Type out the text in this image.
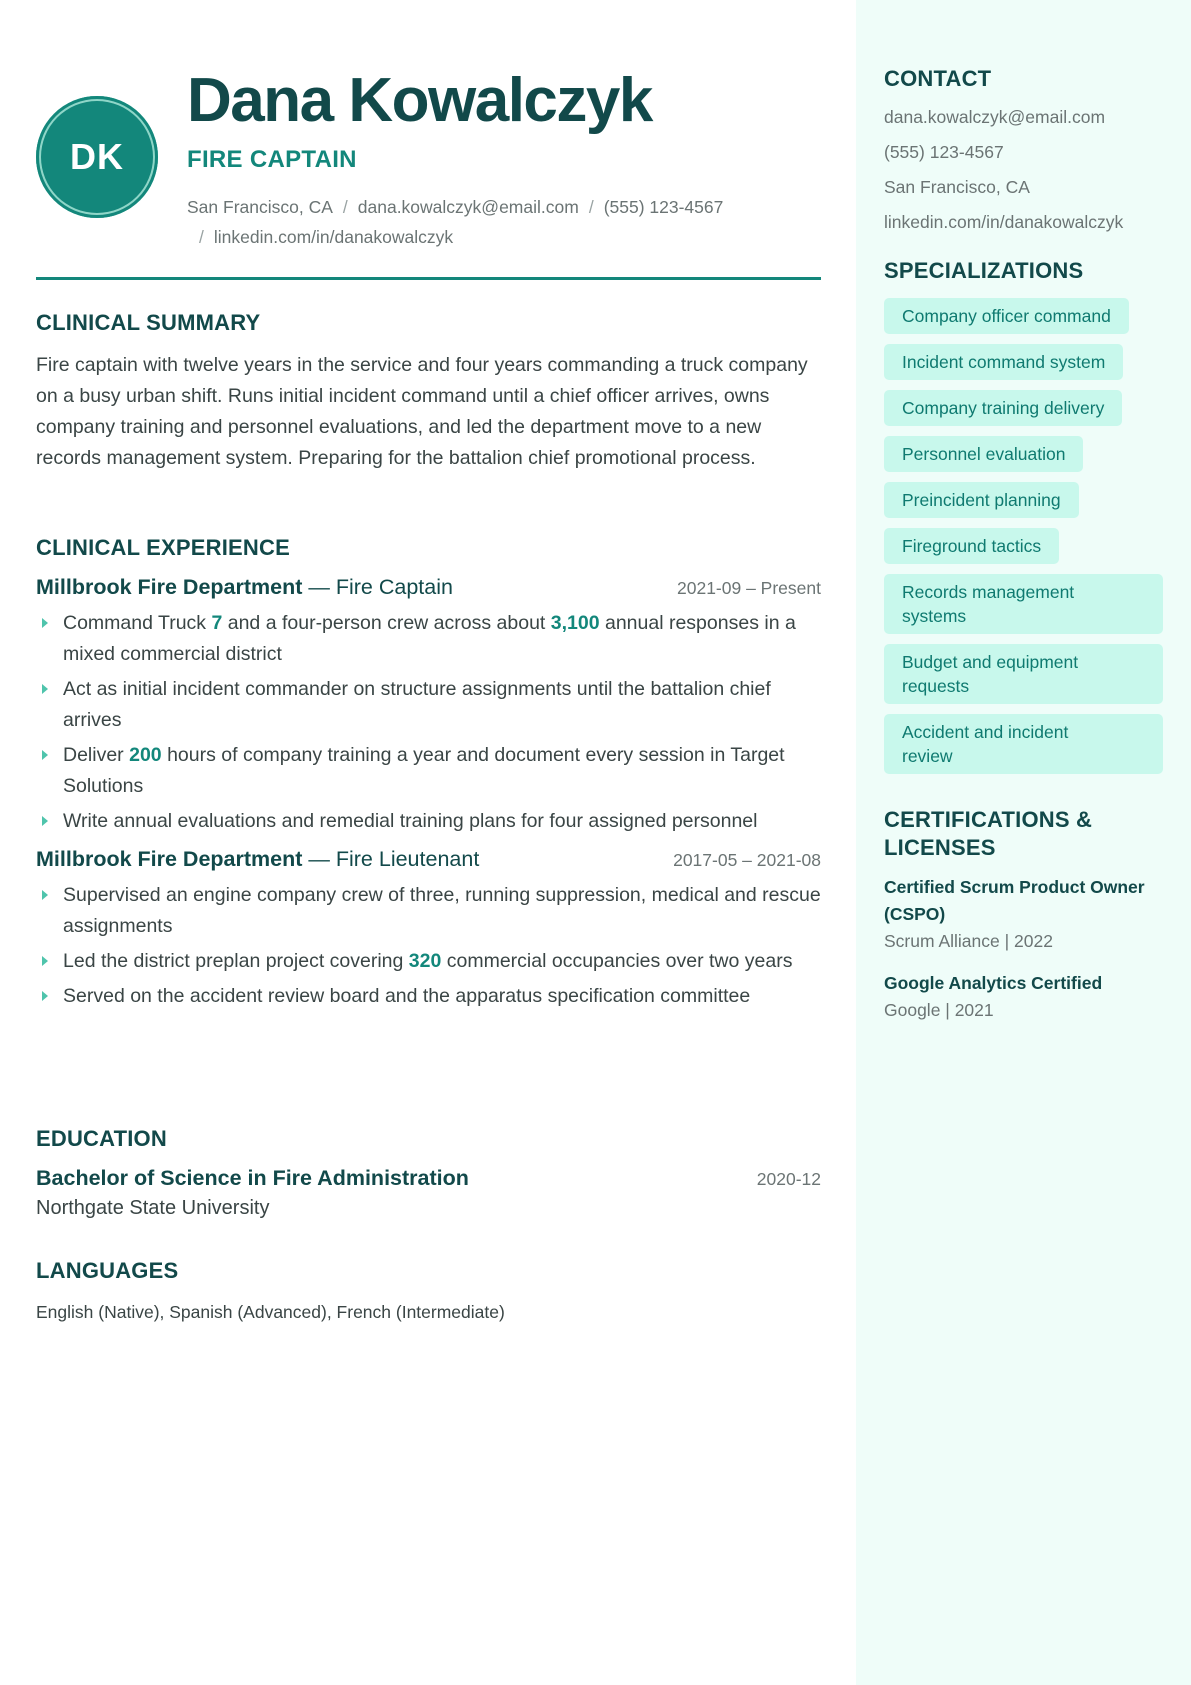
DK
Dana Kowalczyk
FIRE CAPTAIN
San Francisco, CA / dana.kowalczyk@email.com / (555) 123-4567
/ linkedin.com/in/danakowalczyk
CLINICAL SUMMARY
Fire captain with twelve years in the service and four years commanding a truck company on a busy urban shift. Runs initial incident command until a chief officer arrives, owns company training and personnel evaluations, and led the department move to a new records management system. Preparing for the battalion chief promotional process.
CLINICAL EXPERIENCE
Millbrook Fire Department — Fire Captain	2021-09 – Present
Command Truck 7 and a four-person crew across about 3,100 annual responses in a mixed commercial district
Act as initial incident commander on structure assignments until the battalion chief arrives
Deliver 200 hours of company training a year and document every session in Target Solutions
Write annual evaluations and remedial training plans for four assigned personnel
Millbrook Fire Department — Fire Lieutenant	2017-05 – 2021-08
Supervised an engine company crew of three, running suppression, medical and rescue assignments
Led the district preplan project covering 320 commercial occupancies over two years
Served on the accident review board and the apparatus specification committee
EDUCATION
Bachelor of Science in Fire Administration	2020-12
Northgate State University
LANGUAGES
English (Native), Spanish (Advanced), French (Intermediate)
CONTACT
dana.kowalczyk@email.com
(555) 123-4567
San Francisco, CA
linkedin.com/in/danakowalczyk
SPECIALIZATIONS
Company officer command
Incident command system
Company training delivery
Personnel evaluation
Preincident planning
Fireground tactics
Records management systems
Budget and equipment requests
Accident and incident review
CERTIFICATIONS & LICENSES
Certified Scrum Product Owner (CSPO)
Scrum Alliance | 2022
Google Analytics Certified
Google | 2021
